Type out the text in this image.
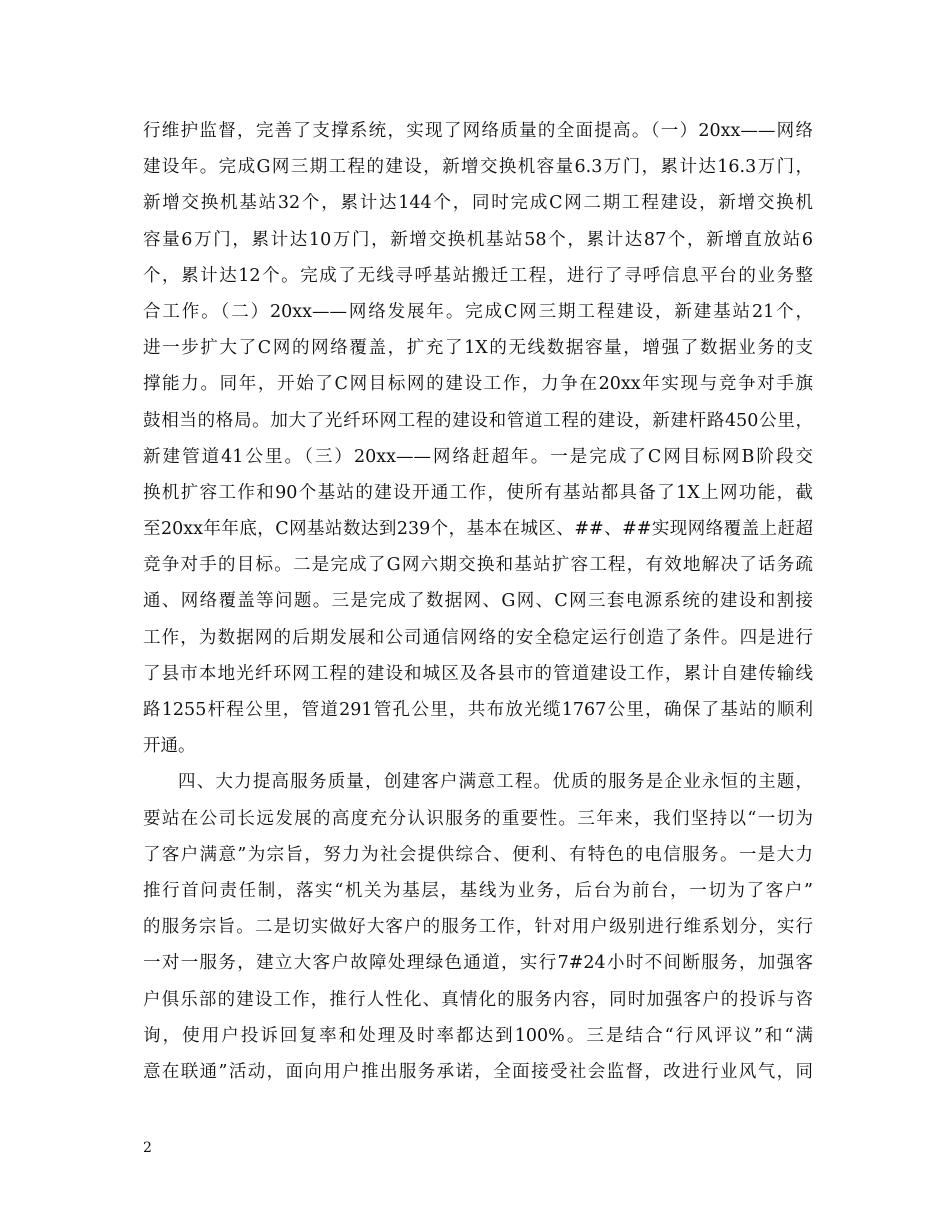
行维护监督，完善了支撑系统，实现了网络质量的全面提高。（一）20xx——网络
建设年。完成G网三期工程的建设，新增交换机容量6.3万门，累计达16.3万门，
新增交换机基站32个，累计达144个，同时完成C网二期工程建设，新增交换机
容量6万门，累计达10万门，新增交换机基站58个，累计达87个，新增直放站6
个，累计达12个。完成了无线寻呼基站搬迁工程，进行了寻呼信息平台的业务整
合工作。（二）20xx——网络发展年。完成C网三期工程建设，新建基站21个，
进一步扩大了C网的网络覆盖，扩充了1X的无线数据容量，增强了数据业务的支
撑能力。同年，开始了C网目标网的建设工作，力争在20xx年实现与竞争对手旗
鼓相当的格局。加大了光纤环网工程的建设和管道工程的建设，新建杆路450公里，
新建管道41公里。（三）20xx——网络赶超年。一是完成了C网目标网B阶段交
换机扩容工作和90个基站的建设开通工作，使所有基站都具备了1X上网功能，截
至20xx年年底，C网基站数达到239个，基本在城区、##、##实现网络覆盖上赶超
竞争对手的目标。二是完成了G网六期交换和基站扩容工程，有效地解决了话务疏
通、网络覆盖等问题。三是完成了数据网、G网、C网三套电源系统的建设和割接
工作，为数据网的后期发展和公司通信网络的安全稳定运行创造了条件。四是进行
了县市本地光纤环网工程的建设和城区及各县市的管道建设工作，累计自建传输线
路1255杆程公里，管道291管孔公里，共布放光缆1767公里，确保了基站的顺利
开通。
四、大力提高服务质量，创建客户满意工程。优质的服务是企业永恒的主题，
要站在公司长远发展的高度充分认识服务的重要性。三年来，我们坚持以“一切为
了客户满意”为宗旨，努力为社会提供综合、便利、有特色的电信服务。一是大力
推行首问责任制，落实“机关为基层，基线为业务，后台为前台，一切为了客户”
的服务宗旨。二是切实做好大客户的服务工作，针对用户级别进行维系划分，实行
一对一服务，建立大客户故障处理绿色通道，实行7#24小时不间断服务，加强客
户俱乐部的建设工作，推行人性化、真情化的服务内容，同时加强客户的投诉与咨
询，使用户投诉回复率和处理及时率都达到100%。三是结合“行风评议”和“满
意在联通”活动，面向用户推出服务承诺，全面接受社会监督，改进行业风气，同
2
